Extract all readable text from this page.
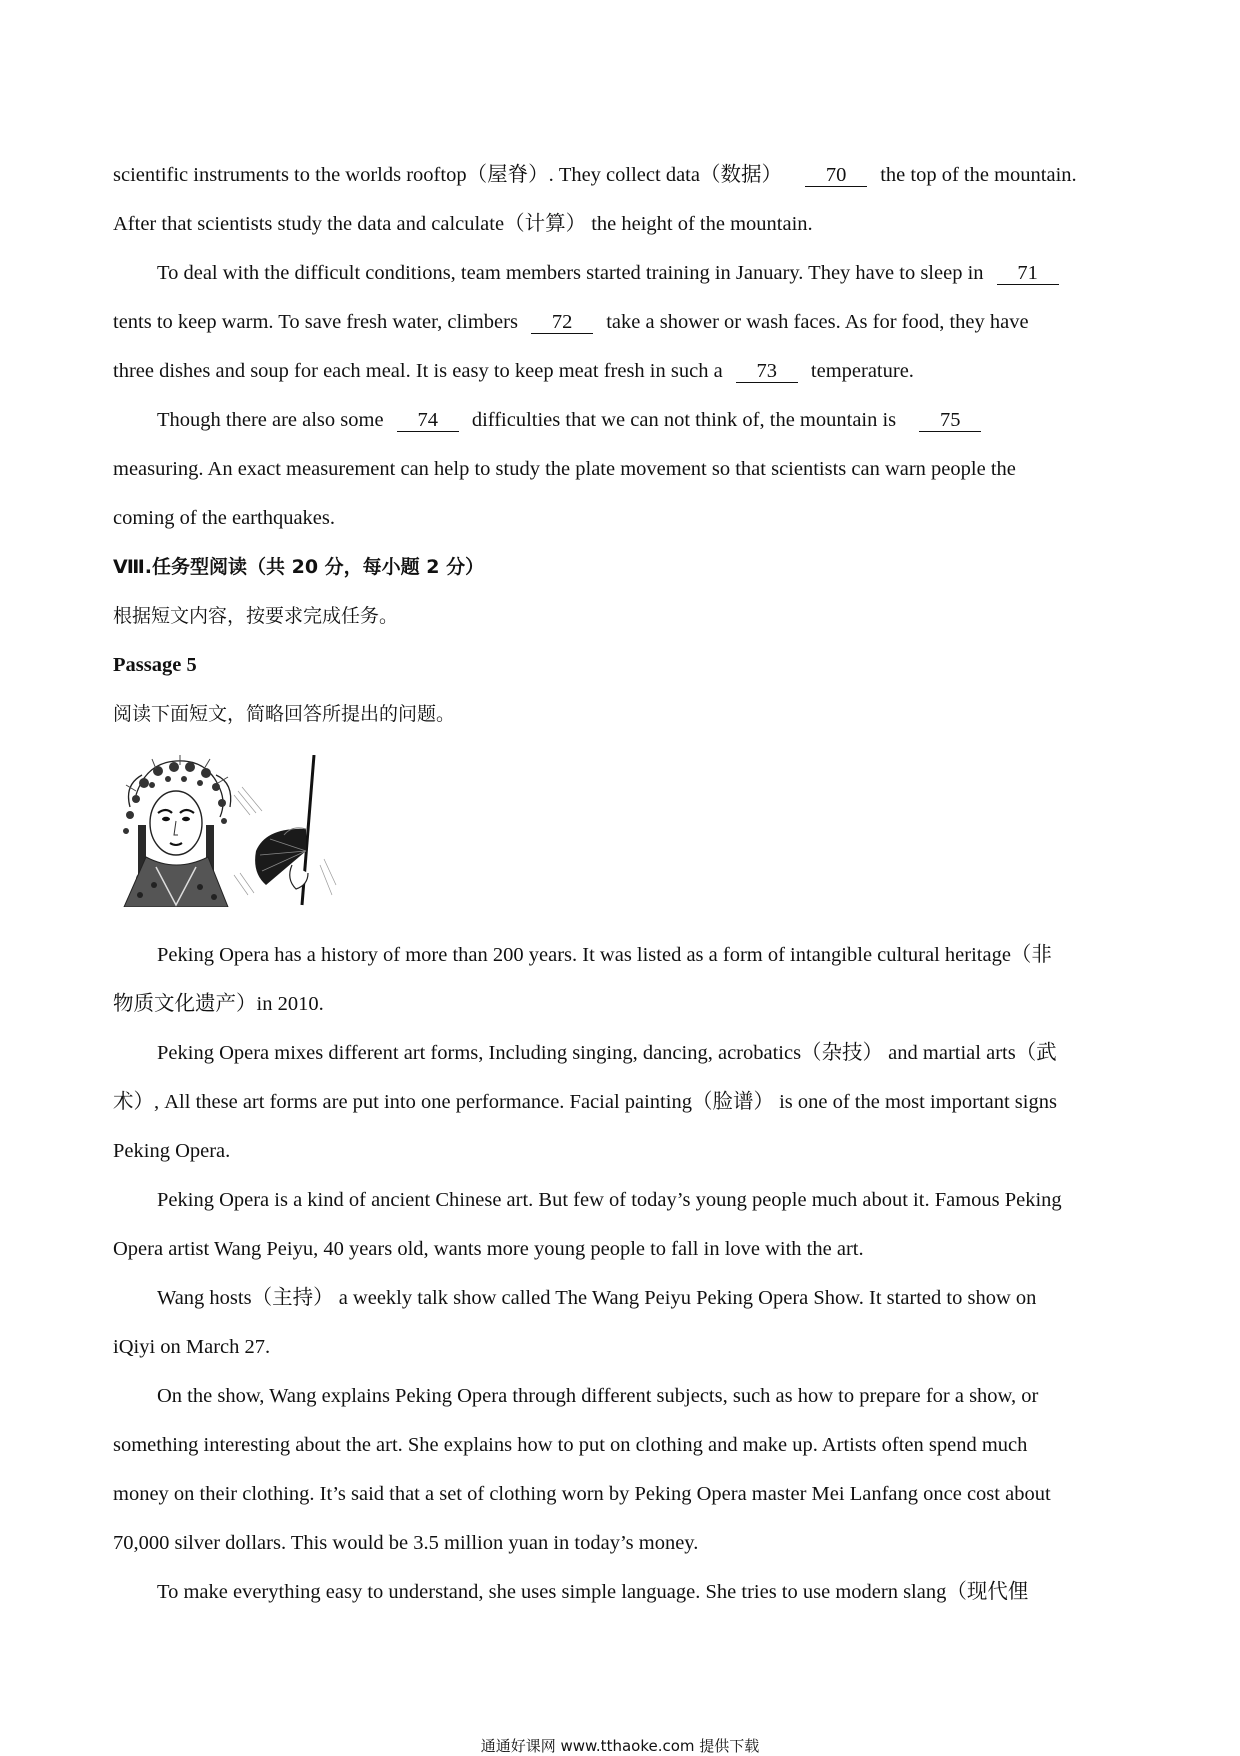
scientific instruments to the worlds rooftop（屋脊）. They collect data（数据） 70 the top of the mountain.
After that scientists study the data and calculate（计算） the height of the mountain.
To deal with the difficult conditions, team members started training in January. They have to sleep in 71
tents to keep warm. To save fresh water, climbers 72 take a shower or wash faces. As for food, they have
three dishes and soup for each meal. It is easy to keep meat fresh in such a 73 temperature.
Though there are also some 74 difficulties that we can not think of, the mountain is 75
measuring. An exact measurement can help to study the plate movement so that scientists can warn people the
coming of the earthquakes.
Ⅷ.任务型阅读（共 20 分，每小题 2 分）
根据短文内容，按要求完成任务。
Passage 5
阅读下面短文，简略回答所提出的问题。
Peking Opera has a history of more than 200 years. It was listed as a form of intangible cultural heritage（非
物质文化遗产）in 2010.
Peking Opera mixes different art forms, Including singing, dancing, acrobatics（杂技） and martial arts（武
术）, All these art forms are put into one performance. Facial painting（脸谱） is one of the most important signs
Peking Opera.
Peking Opera is a kind of ancient Chinese art. But few of today’s young people much about it. Famous Peking
Opera artist Wang Peiyu, 40 years old, wants more young people to fall in love with the art.
Wang hosts（主持） a weekly talk show called The Wang Peiyu Peking Opera Show. It started to show on
iQiyi on March 27.
On the show, Wang explains Peking Opera through different subjects, such as how to prepare for a show, or
something interesting about the art. She explains how to put on clothing and make up. Artists often spend much
money on their clothing. It’s said that a set of clothing worn by Peking Opera master Mei Lanfang once cost about
70,000 silver dollars. This would be 3.5 million yuan in today’s money.
To make everything easy to understand, she uses simple language. She tries to use modern slang（现代俚
通通好课网 www.tthaoke.com 提供下载
